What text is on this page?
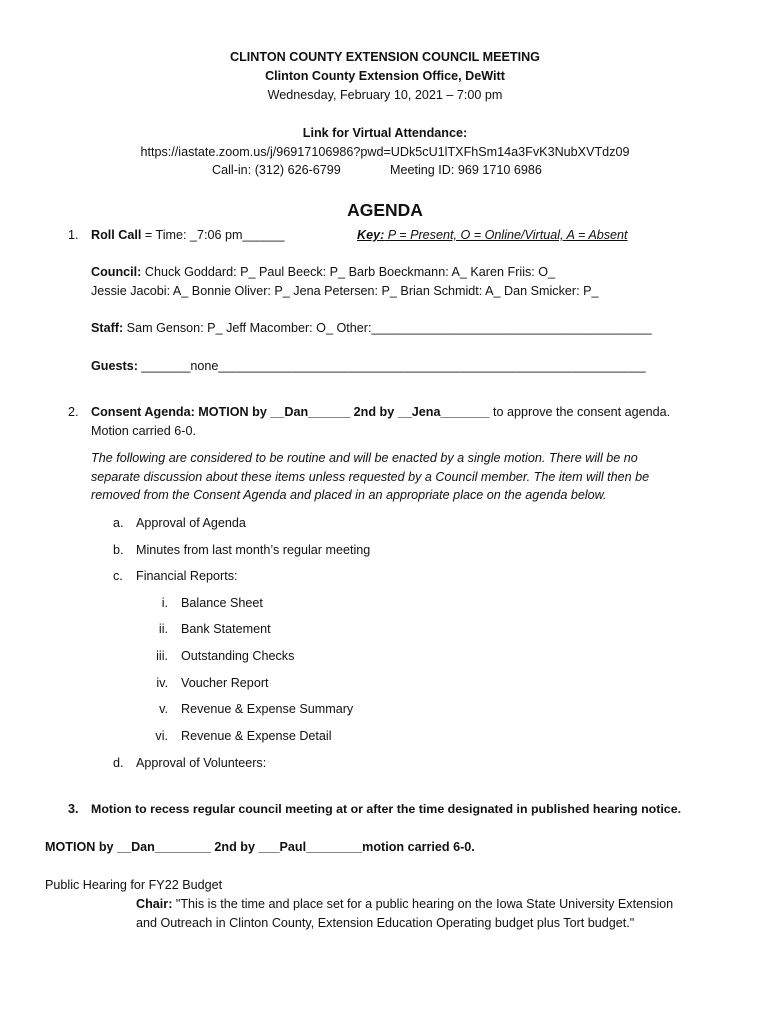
CLINTON COUNTY EXTENSION COUNCIL MEETING
Clinton County Extension Office, DeWitt
Wednesday, February 10, 2021 – 7:00 pm
Link for Virtual Attendance:
https://iastate.zoom.us/j/96917106986?pwd=UDk5cU1lTXFhSm14a3FvK3NubXVTdz09
Call-in: (312) 626-6799	Meeting ID: 969 1710 6986
AGENDA
1. Roll Call = Time: _7:06 pm______	Key: P = Present, O = Online/Virtual, A = Absent
Council: Chuck Goddard: P_ Paul Beeck: P_ Barb Boeckmann: A_ Karen Friis: O_
Jessie Jacobi: A_ Bonnie Oliver: P_ Jena Petersen: P_ Brian Schmidt: A_ Dan Smicker: P_
Staff: Sam Genson: P_ Jeff Macomber: O_ Other:________________________________________
Guests: _______none_____________________________________________________________
2. Consent Agenda: MOTION by __Dan______ 2nd by __Jena_______ to approve the consent agenda.
Motion carried 6-0.
The following are considered to be routine and will be enacted by a single motion. There will be no
separate discussion about these items unless requested by a Council member. The item will then be
removed from the Consent Agenda and placed in an appropriate place on the agenda below.
a. Approval of Agenda
b. Minutes from last month’s regular meeting
c. Financial Reports:
i. Balance Sheet
ii. Bank Statement
iii. Outstanding Checks
iv. Voucher Report
v. Revenue & Expense Summary
vi. Revenue & Expense Detail
d. Approval of Volunteers:
3. Motion to recess regular council meeting at or after the time designated in published hearing notice.
MOTION by __Dan________ 2nd by ___Paul________motion carried 6-0.
Public Hearing for FY22 Budget
Chair: "This is the time and place set for a public hearing on the Iowa State University Extension
and Outreach in Clinton County, Extension Education Operating budget plus Tort budget."
